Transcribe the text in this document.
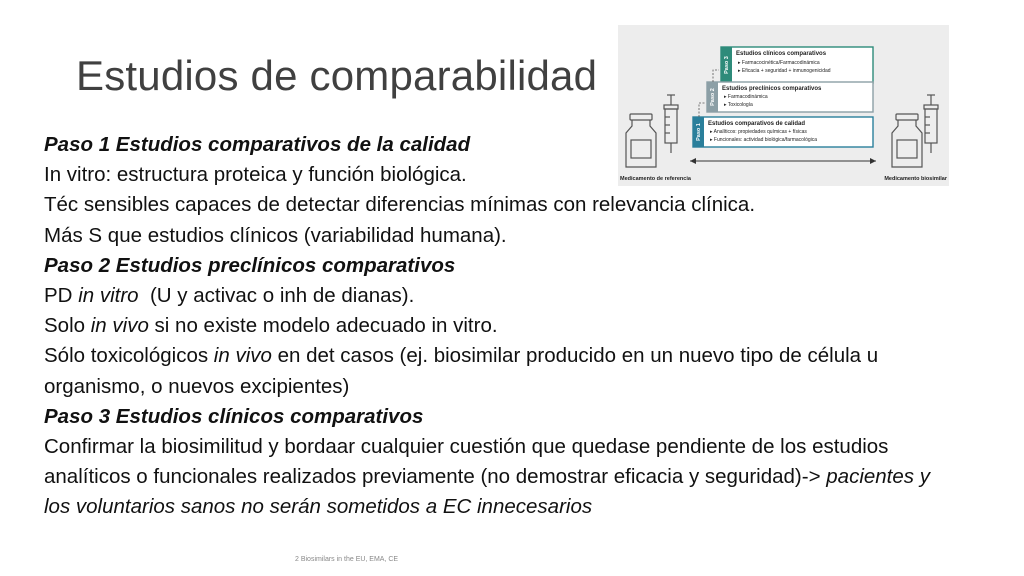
Estudios de comparabilidad	Paso 3
Estudios clínicos comparativos
▸ Farmacocinética/Farmacodinámica
▸ Eficacia + seguridad + inmunogenicidad
Paso 2 Estudios preclínicos comparativos
▸ Farmacodinámica
▸ Toxicología
Paso 1 Estudios comparativos de calidad
▸ Analíticos: propiedades químicas + físicas
▸ Funcionales: actividad biológica/farmacológica
Medicamento de referencia	Medicamento biosimilar

Paso 1 Estudios comparativos de la calidad

In vitro: estructura proteica y función biológica.

Téc sensibles capaces de detectar diferencias mínimas con relevancia clínica.

Más S que estudios clínicos (variabilidad humana).

Paso 2 Estudios preclínicos comparativos

PD in vitro  (U y activac o inh de dianas).

Solo in vivo si no existe modelo adecuado in vitro.

Sólo toxicológicos in vivo en det casos (ej. biosimilar producido en un nuevo tipo de célula u organismo, o nuevos excipientes)

Paso 3 Estudios clínicos comparativos

Confirmar la biosimilitud y bordaar cualquier cuestión que quedase pendiente de los estudios analíticos o funcionales realizados previamente (no demostrar eficacia y seguridad)-> pacientes y los voluntarios sanos no serán sometidos a EC innecesarios

2 Biosimilars in the EU, EMA, CE
